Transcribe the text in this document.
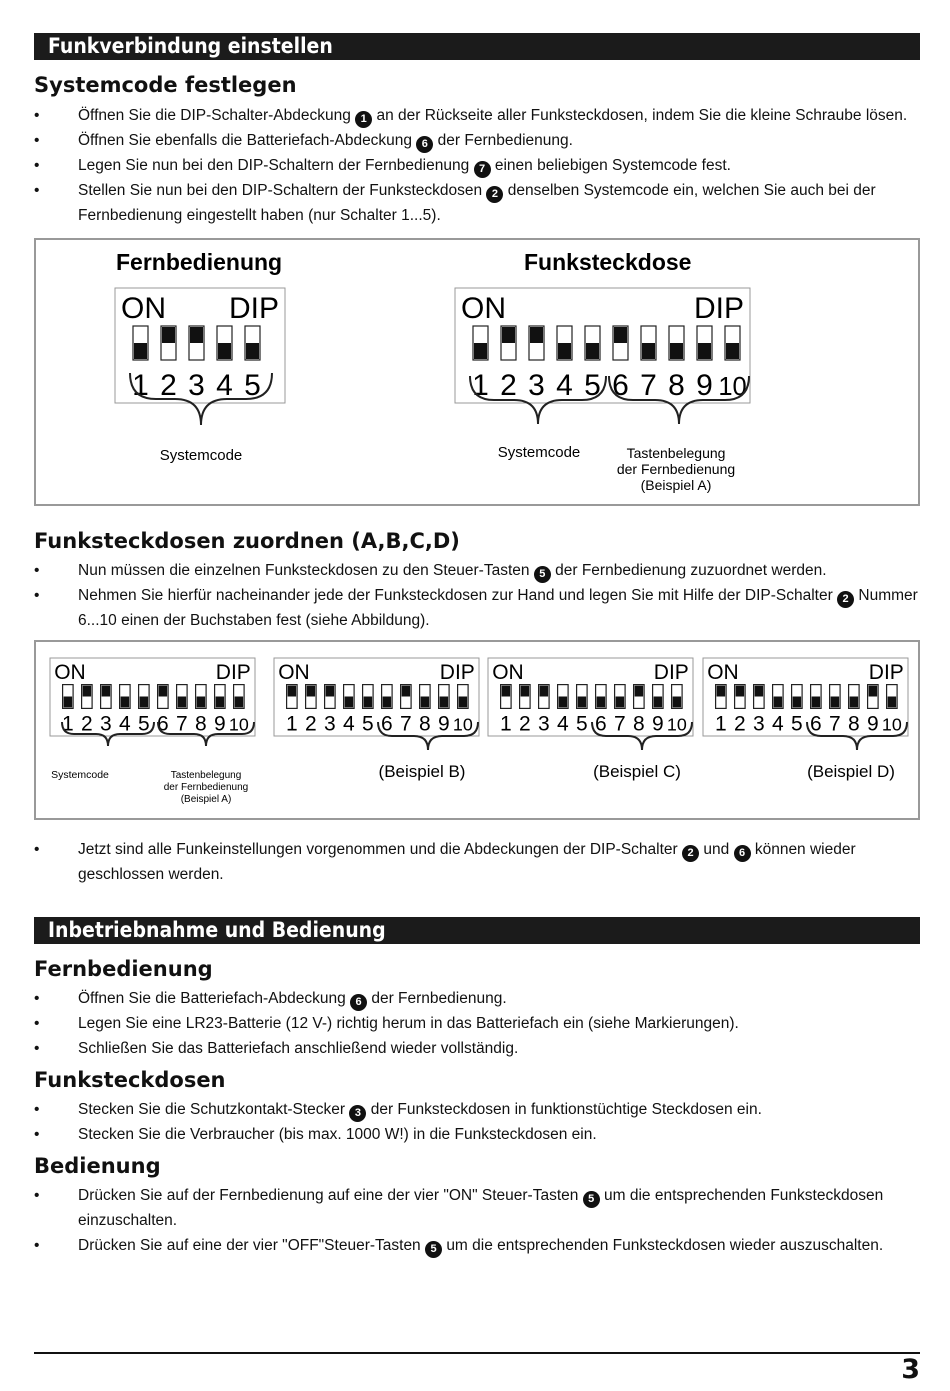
Funkverbindung einstellen
Systemcode festlegen
• Öffnen Sie die DIP-Schalter-Abdeckung 1 an der Rückseite aller Funksteckdosen, indem Sie die kleine Schraube lösen.
• Öffnen Sie ebenfalls die Batteriefach-Abdeckung 6 der Fernbedienung.
• Legen Sie nun bei den DIP-Schaltern der Fernbedienung 7 einen beliebigen Systemcode fest.
• Stellen Sie nun bei den DIP-Schaltern der Funksteckdosen 2 denselben Systemcode ein, welchen Sie auch bei der Fernbedienung eingestellt haben (nur Schalter 1...5).
Fernbedienung	Funksteckdose
ON DIP
1 2 3 4 5
ON	DIP
1 2 3 4 5 6 7 8 9 10
Systemcode	Systemcode	Tastenbelegung
der Fernbedienung
(Beispiel A)
Funksteckdosen zuordnen (A,B,C,D)
• Nun müssen die einzelnen Funksteckdosen zu den Steuer-Tasten 5 der Fernbedienung zuzuordnet werden.
• Nehmen Sie hierfür nacheinander jede der Funksteckdosen zur Hand und legen Sie mit Hilfe der DIP-Schalter 2 Nummer 6...10 einen der Buchstaben fest (siehe Abbildung).
ON	DIP
1 2 3 4 5 6 7 8 9 10
ON	DIP
1 2 3 4 5 6 7 8 9 10
ON	DIP
1 2 3 4 5 6 7 8 9 10
ON	DIP
1 2 3 4 5 6 7 8 9 10
Systemcode	Tastenbelegung
der Fernbedienung
(Beispiel A)
(Beispiel B)	(Beispiel C)	(Beispiel D)
• Jetzt sind alle Funkeinstellungen vorgenommen und die Abdeckungen der DIP-Schalter 2 und 6 können wieder geschlossen werden.
Inbetriebnahme und Bedienung
Fernbedienung
• Öffnen Sie die Batteriefach-Abdeckung 6 der Fernbedienung.
• Legen Sie eine LR23-Batterie (12 V-) richtig herum in das Batteriefach ein (siehe Markierungen).
• Schließen Sie das Batteriefach anschließend wieder vollständig.
Funksteckdosen
• Stecken Sie die Schutzkontakt-Stecker 3 der Funksteckdosen in funktionstüchtige Steckdosen ein.
• Stecken Sie die Verbraucher (bis max. 1000 W!) in die Funksteckdosen ein.
Bedienung
• Drücken Sie auf der Fernbedienung auf eine der vier "ON" Steuer-Tasten 5 um die entsprechenden Funksteckdosen einzuschalten.
• Drücken Sie auf eine der vier "OFF"Steuer-Tasten 5 um die entsprechenden Funksteckdosen wieder auszuschalten.
3
